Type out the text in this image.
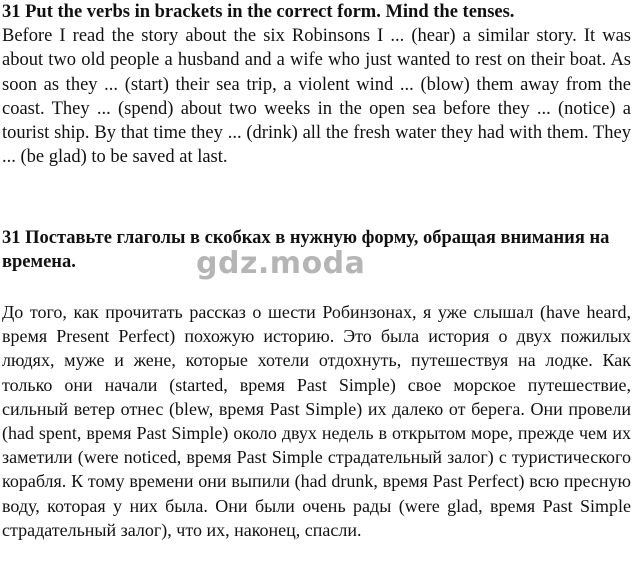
31 Put the verbs in brackets in the correct form. Mind the tenses.

Before I read the story about the six Robinsons I ... (hear) a similar story. It was about two old people a husband and a wife who just wanted to rest on their boat. As soon as they ... (start) their sea trip, a violent wind ... (blow) them away from the coast. They ... (spend) about two weeks in the open sea before they ... (notice) a tourist ship. By that time they ... (drink) all the fresh water they had with them. They ... (be glad) to be saved at last.

31 Поставьте глаголы в скобках в нужную форму, обращая внимания на времена.

До того, как прочитать рассказ о шести Робинзонах, я уже слышал (have heard, время Present Perfect) похожую историю. Это была история о двух пожилых людях, муже и жене, которые хотели отдохнуть, путешествуя на лодке. Как только они начали (started, время Past Simple) свое морское путешествие, сильный ветер отнес (blew, время Past Simple) их далеко от берега. Они провели (had spent, время Past Simple) около двух недель в открытом море, прежде чем их заметили (were noticed, время Past Simple страдательный залог) с туристического корабля. К тому времени они выпили (had drunk, время Past Perfect) всю пресную воду, которая у них была. Они были очень рады (were glad, время Past Simple страдательный залог), что их, наконец, спасли.

gdz.moda
